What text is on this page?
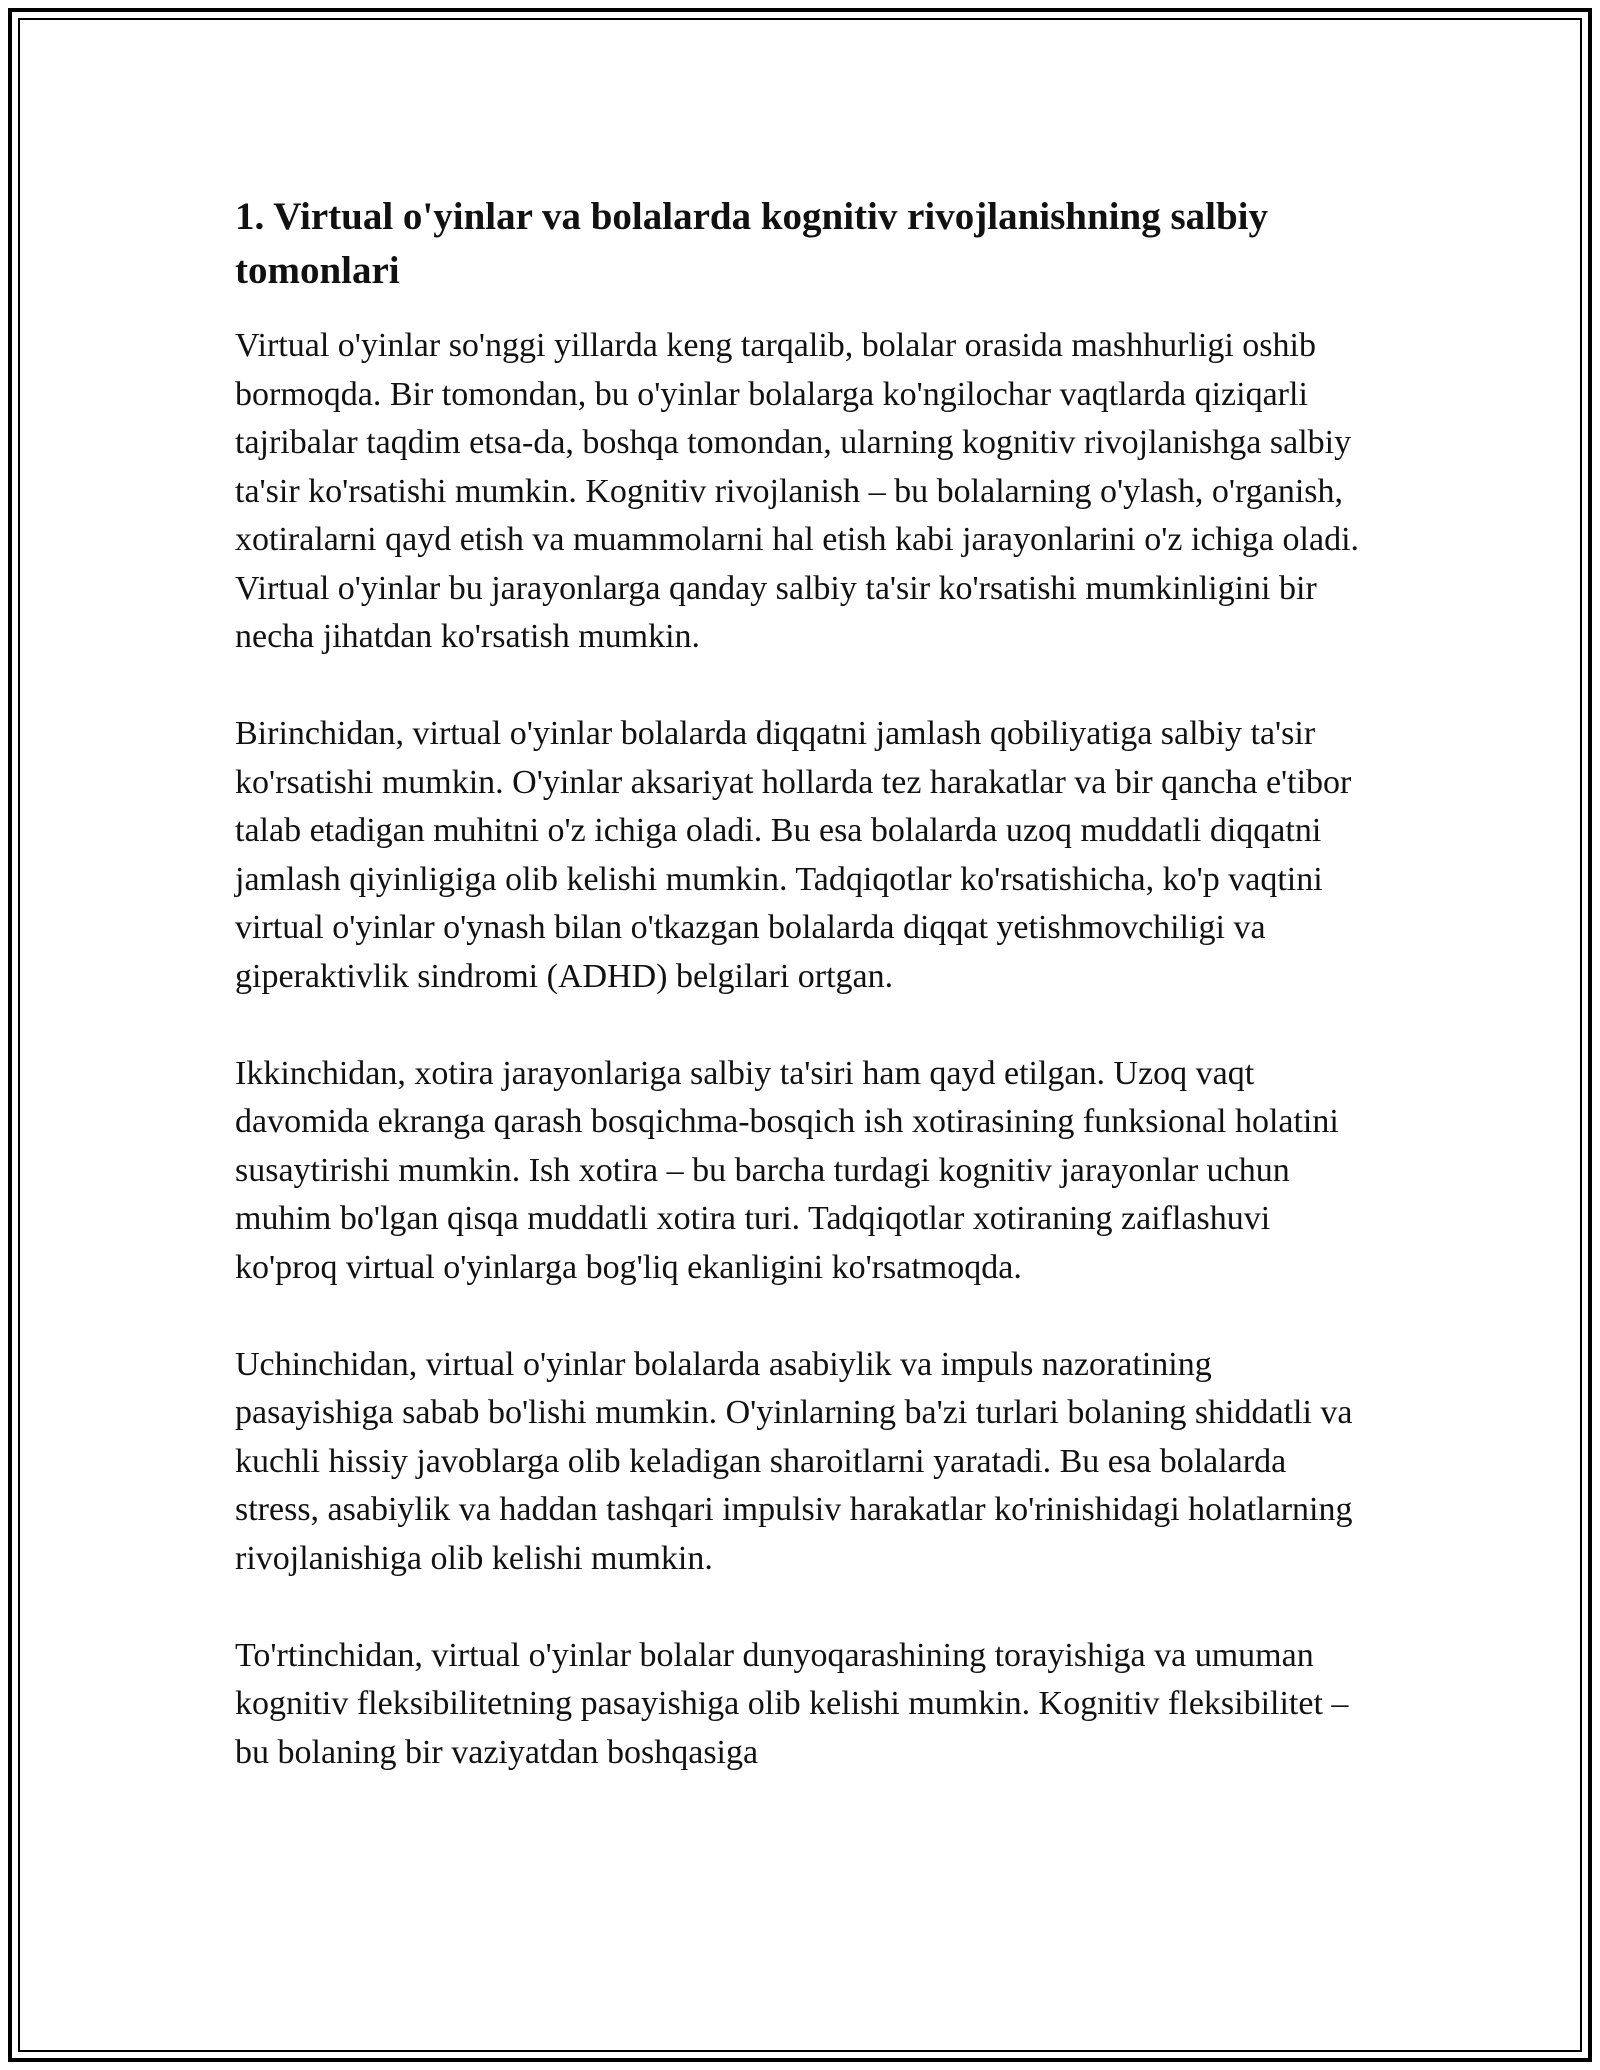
1. Virtual o'yinlar va bolalarda kognitiv rivojlanishning salbiy tomonlari

Virtual o'yinlar so'nggi yillarda keng tarqalib, bolalar orasida mashhurligi oshib bormoqda. Bir tomondan, bu o'yinlar bolalarga ko'ngilochar vaqtlarda qiziqarli tajribalar taqdim etsa-da, boshqa tomondan, ularning kognitiv rivojlanishga salbiy ta'sir ko'rsatishi mumkin. Kognitiv rivojlanish – bu bolalarning o'ylash, o'rganish, xotiralarni qayd etish va muammolarni hal etish kabi jarayonlarini o'z ichiga oladi. Virtual o'yinlar bu jarayonlarga qanday salbiy ta'sir ko'rsatishi mumkinligini bir necha jihatdan ko'rsatish mumkin.

Birinchidan, virtual o'yinlar bolalarda diqqatni jamlash qobiliyatiga salbiy ta'sir ko'rsatishi mumkin. O'yinlar aksariyat hollarda tez harakatlar va bir qancha e'tibor talab etadigan muhitni o'z ichiga oladi. Bu esa bolalarda uzoq muddatli diqqatni jamlash qiyinligiga olib kelishi mumkin. Tadqiqotlar ko'rsatishicha, ko'p vaqtini virtual o'yinlar o'ynash bilan o'tkazgan bolalarda diqqat yetishmovchiligi va giperaktivlik sindromi (ADHD) belgilari ortgan.

Ikkinchidan, xotira jarayonlariga salbiy ta'siri ham qayd etilgan. Uzoq vaqt davomida ekranga qarash bosqichma-bosqich ish xotirasining funksional holatini susaytirishi mumkin. Ish xotira – bu barcha turdagi kognitiv jarayonlar uchun muhim bo'lgan qisqa muddatli xotira turi. Tadqiqotlar xotiraning zaiflashuvi ko'proq virtual o'yinlarga bog'liq ekanligini ko'rsatmoqda.

Uchinchidan, virtual o'yinlar bolalarda asabiylik va impuls nazoratining pasayishiga sabab bo'lishi mumkin. O'yinlarning ba'zi turlari bolaning shiddatli va kuchli hissiy javoblarga olib keladigan sharoitlarni yaratadi. Bu esa bolalarda stress, asabiylik va haddan tashqari impulsiv harakatlar ko'rinishidagi holatlarning rivojlanishiga olib kelishi mumkin.

To'rtinchidan, virtual o'yinlar bolalar dunyoqarashining torayishiga va umuman kognitiv fleksibilitetning pasayishiga olib kelishi mumkin. Kognitiv fleksibilitet – bu bolaning bir vaziyatdan boshqasiga
